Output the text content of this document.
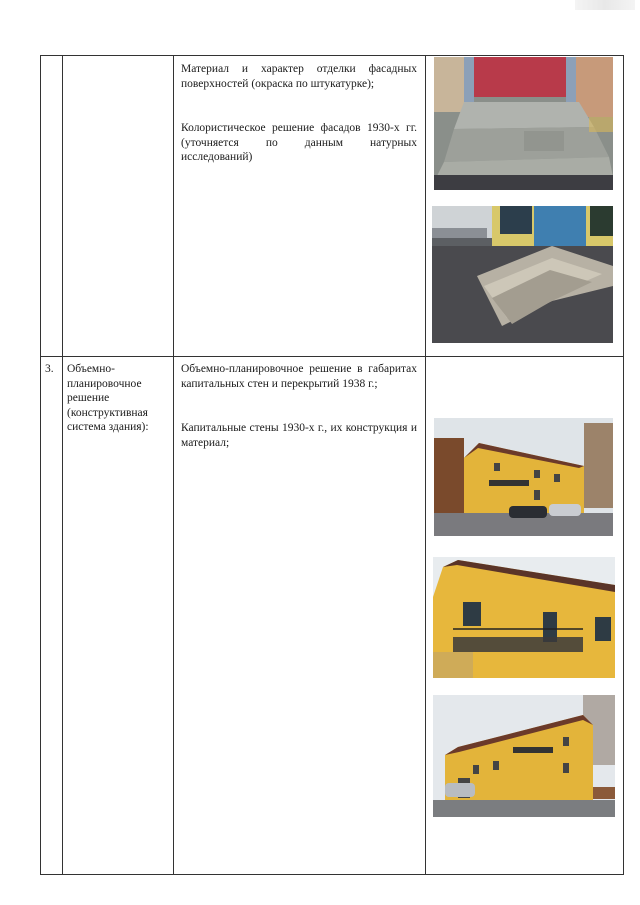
Материал и характер отделки фасадных поверхностей (окраска по штукатурке);

Колористическое решение фасадов 1930-х гг. (уточняется по данным натурных исследований)

3. Объемно-планировочное решение (конструктивная система здания):

Объемно-планировочное решение в габаритах капитальных стен и перекрытий 1938 г.;

Капитальные стены 1930-х г., их конструкция и материал;
